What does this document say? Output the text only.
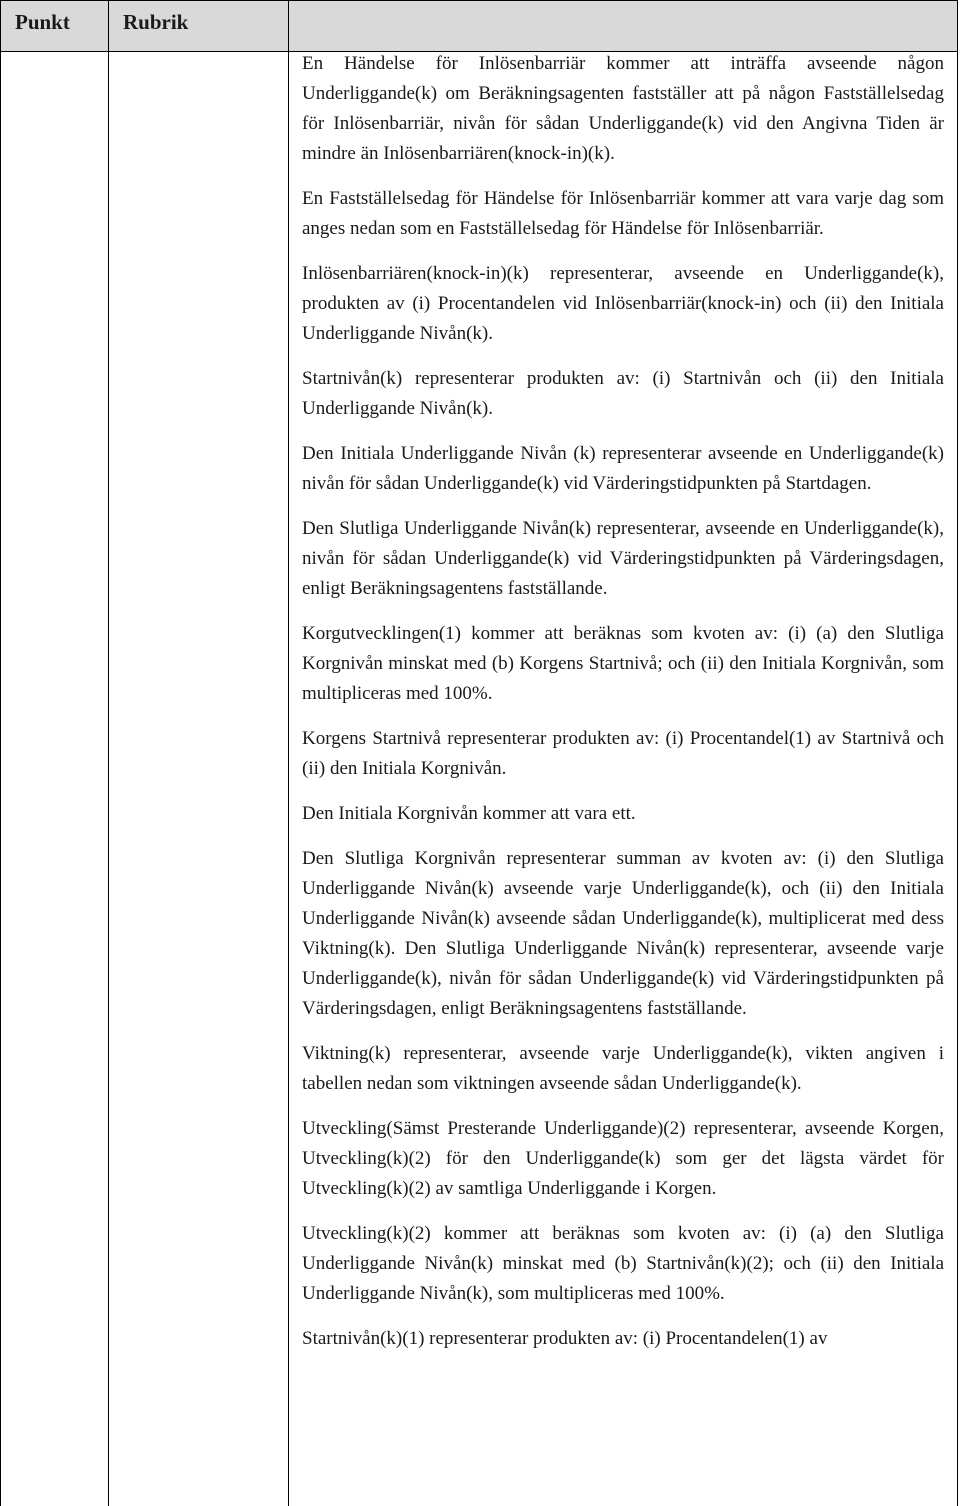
Punkt	Rubrik

En Händelse för Inlösenbarriär kommer att inträffa avseende någon Underliggande(k) om Beräkningsagenten fastställer att på någon Fastställelsedag för Inlösenbarriär, nivån för sådan Underliggande(k) vid den Angivna Tiden är mindre än Inlösenbarriären(knock-in)(k).

En Fastställelsedag för Händelse för Inlösenbarriär kommer att vara varje dag som anges nedan som en Fastställelsedag för Händelse för Inlösenbarriär.

Inlösenbarriären(knock-in)(k) representerar, avseende en Underliggande(k), produkten av (i) Procentandelen vid Inlösenbarriär(knock-in) och (ii) den Initiala Underliggande Nivån(k).

Startnivån(k) representerar produkten av: (i) Startnivån och (ii) den Initiala Underliggande Nivån(k).

Den Initiala Underliggande Nivån (k) representerar avseende en Underliggande(k) nivån för sådan Underliggande(k) vid Värderingstidpunkten på Startdagen.

Den Slutliga Underliggande Nivån(k) representerar, avseende en Underliggande(k), nivån för sådan Underliggande(k) vid Värderingstidpunkten på Värderingsdagen, enligt Beräkningsagentens fastställande.

Korgutvecklingen(1) kommer att beräknas som kvoten av: (i) (a) den Slutliga Korgnivån minskat med (b) Korgens Startnivå; och (ii) den Initiala Korgnivån, som multipliceras med 100%.

Korgens Startnivå representerar produkten av: (i) Procentandel(1) av Startnivå och (ii) den Initiala Korgnivån.

Den Initiala Korgnivån kommer att vara ett.

Den Slutliga Korgnivån representerar summan av kvoten av: (i) den Slutliga Underliggande Nivån(k) avseende varje Underliggande(k), och (ii) den Initiala Underliggande Nivån(k) avseende sådan Underliggande(k), multiplicerat med dess Viktning(k). Den Slutliga Underliggande Nivån(k) representerar, avseende varje Underliggande(k), nivån för sådan Underliggande(k) vid Värderingstidpunkten på Värderingsdagen, enligt Beräkningsagentens fastställande.

Viktning(k) representerar, avseende varje Underliggande(k), vikten angiven i tabellen nedan som viktningen avseende sådan Underliggande(k).

Utveckling(Sämst Presterande Underliggande)(2) representerar, avseende Korgen, Utveckling(k)(2) för den Underliggande(k) som ger det lägsta värdet för Utveckling(k)(2) av samtliga Underliggande i Korgen.

Utveckling(k)(2) kommer att beräknas som kvoten av: (i) (a) den Slutliga Underliggande Nivån(k) minskat med (b) Startnivån(k)(2); och (ii) den Initiala Underliggande Nivån(k), som multipliceras med 100%.

Startnivån(k)(1) representerar produkten av: (i) Procentandelen(1) av
